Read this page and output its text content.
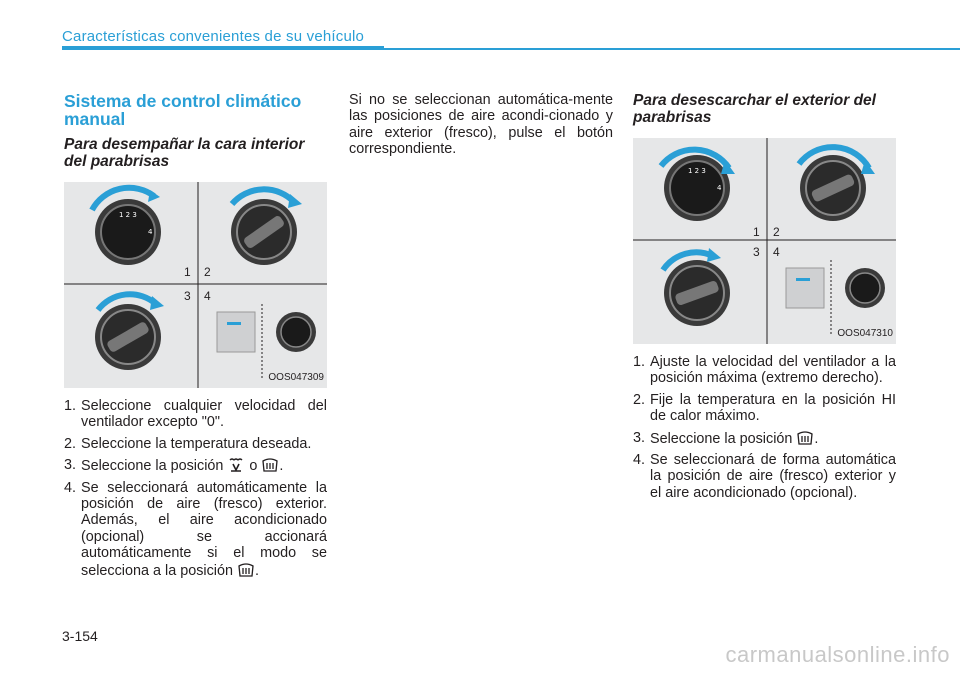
Características convenientes de su vehículo
Sistema de control climático manual
Para desempañar la cara interior del parabrisas
1 2 3
4
1 2
3 4
OOS047309
1. Seleccione cualquier velocidad del ventilador excepto "0".
2. Seleccione la temperatura deseada.
3. Seleccione la posición o .
4. Se seleccionará automáticamente la posición de aire (fresco) exterior. Además, el aire acondicionado (opcional) se accionará automáticamente si el modo se selecciona a la posición .

Si no se seleccionan automática-mente las posiciones de aire acondi-cionado y aire exterior (fresco), pulse el botón correspondiente.

Para desescarchar el exterior del parabrisas
1 2 3
4
1 2
3 4
OOS047310
1. Ajuste la velocidad del ventilador a la posición máxima (extremo derecho).
2. Fije la temperatura en la posición HI de calor máximo.
3. Seleccione la posición .
4. Se seleccionará de forma automática la posición de aire (fresco) exterior y el aire acondicionado (opcional).
3-154
carmanualsonline.info
